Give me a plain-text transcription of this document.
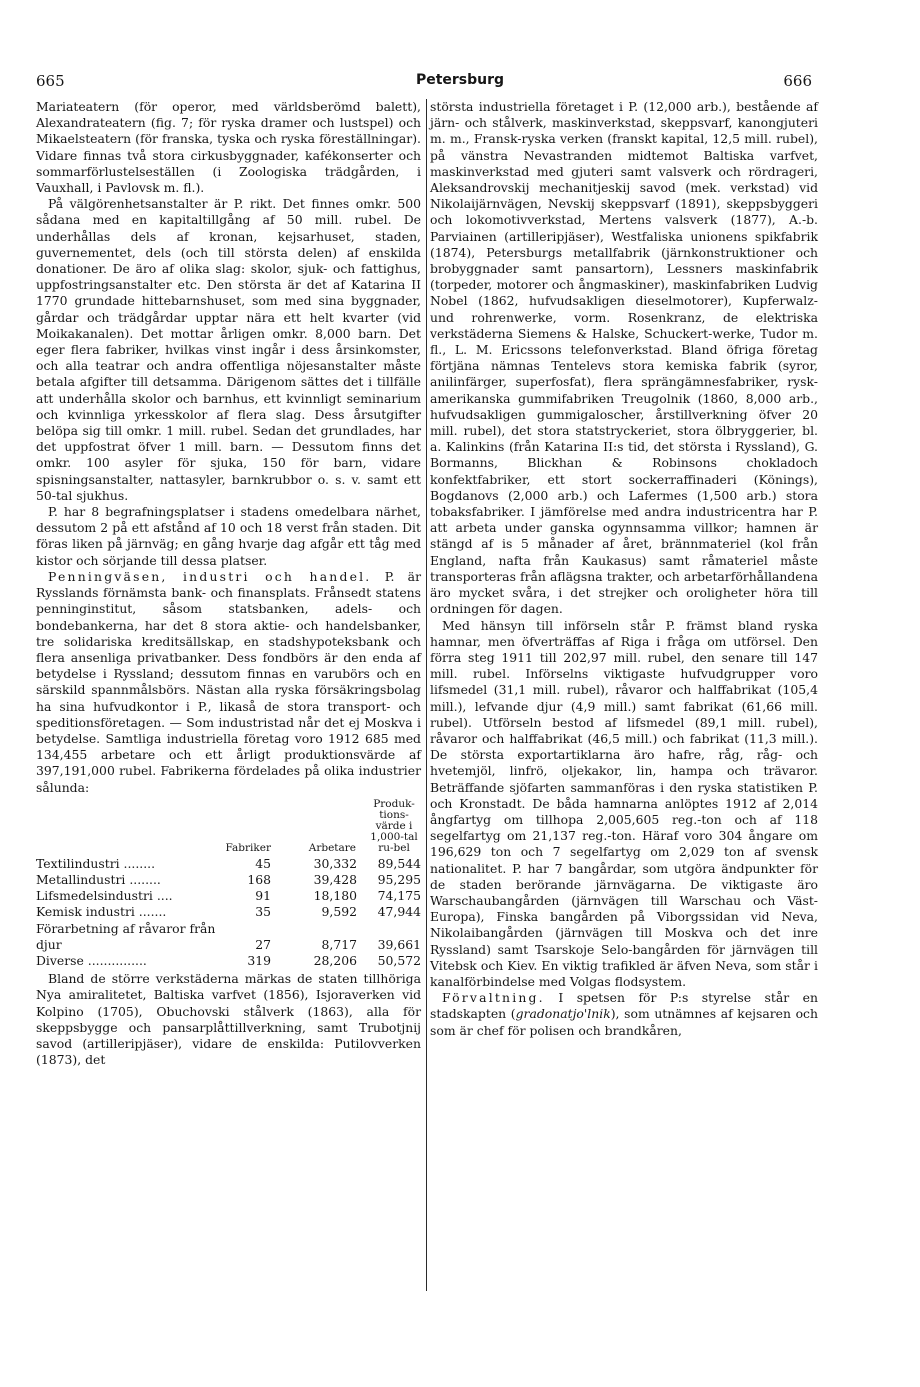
665	Petersburg	666

Mariateatern (för operor, med världsberömd balett), Alexandrateatern (fig. 7; för ryska dramer och lustspel) och Mikaelsteatern (för franska, tyska och ryska föreställningar). Vidare finnas två stora cirkusbyggnader, kafékonserter och sommarförlustelseställen (i Zoologiska trädgården, i Vauxhall, i Pavlovsk m. fl.).

På välgörenhetsanstalter är P. rikt. Det finnes omkr. 500 sådana med en kapitaltillgång af 50 mill. rubel. De underhållas dels af kronan, kejsarhuset, staden, guvernementet, dels (och till största delen) af enskilda donationer. De äro af olika slag: skolor, sjuk- och fattighus, uppfostringsanstalter etc. Den största är det af Katarina II 1770 grundade hittebarnshuset, som med sina byggnader, gårdar och trädgårdar upptar nära ett helt kvarter (vid Moikakanalen). Det mottar årligen omkr. 8,000 barn. Det eger flera fabriker, hvilkas vinst ingår i dess årsinkomster, och alla teatrar och andra offentliga nöjesanstalter måste betala afgifter till detsamma. Därigenom sättes det i tillfälle att underhålla skolor och barnhus, ett kvinnligt seminarium och kvinnliga yrkesskolor af flera slag. Dess årsutgifter belöpa sig till omkr. 1 mill. rubel. Sedan det grundlades, har det uppfostrat öfver 1 mill. barn. — Dessutom finns det omkr. 100 asyler för sjuka, 150 för barn, vidare spisningsanstalter, nattasyler, barnkrubbor o. s. v. samt ett 50-tal sjukhus.

P. har 8 begrafningsplatser i stadens omedelbara närhet, dessutom 2 på ett afstånd af 10 och 18 verst från staden. Dit föras liken på järnväg; en gång hvarje dag afgår ett tåg med kistor och sörjande till dessa platser.

Penningväsen, industri och handel. P. är Rysslands förnämsta bank- och finansplats. Frånsedt statens penninginstitut, såsom statsbanken, adels- och bondebankerna, har det 8 stora aktie- och handelsbanker, tre solidariska kreditsällskap, en stadshypoteksbank och flera ansenliga privatbanker. Dess fondbörs är den enda af betydelse i Ryssland; dessutom finnas en varubörs och en särskild spannmålsbörs. Nästan alla ryska försäkringsbolag ha sina hufvudkontor i P., likaså de stora transport- och speditionsföretagen. — Som industristad når det ej Moskva i betydelse. Samtliga industriella företag voro 1912 685 med 134,455 arbetare och ett årligt produktionsvärde af 397,191,000 rubel. Fabrikerna fördelades på olika industrier sålunda:

	Fabriker	Arbetare	Produk-tions-värde i 1,000-tal ru-bel
Textilindustri ........	45	30,332	89,544
Metallindustri ........	168	39,428	95,295
Lifsmedelsindustri ....	91	18,180	74,175
Kemisk industri .......	35	9,592	47,944
Förarbetning af råvaror från djur	27	8,717	39,661
Diverse ...............	319	28,206	50,572

Bland de större verkstäderna märkas de staten tillhöriga Nya amiralitetet, Baltiska varfvet (1856), Isjoraverken vid Kolpino (1705), Obuchovski stålverk (1863), alla för skeppsbygge och pansarplåttillverkning, samt Trubotjnij savod (artilleripjäser), vidare de enskilda: Putilovverken (1873), det

största industriella företaget i P. (12,000 arb.), bestående af järn- och stålverk, maskinverkstad, skeppsvarf, kanongjuteri m. m., Fransk-ryska verken (franskt kapital, 12,5 mill. rubel), på vänstra Nevastranden midtemot Baltiska varfvet, maskinverkstad med gjuteri samt valsverk och rördrageri, Aleksandrovskij mechanitjeskij savod (mek. verkstad) vid Nikolaijärnvägen, Nevskij skeppsvarf (1891), skeppsbyggeri och lokomotivverkstad, Mertens valsverk (1877), A.-b. Parviainen (artilleripjäser), Westfaliska unionens spikfabrik (1874), Petersburgs metallfabrik (järnkonstruktioner och brobyggnader samt pansartorn), Lessners maskinfabrik (torpeder, motorer och ångmaskiner), maskinfabriken Ludvig Nobel (1862, hufvudsakligen dieselmotorer), Kupferwalz- und rohrenwerke, vorm. Rosenkranz, de elektriska verkstäderna Siemens & Halske, Schuckert-werke, Tudor m. fl., L. M. Ericssons telefonverkstad. Bland öfriga företag förtjäna nämnas Tentelevs stora kemiska fabrik (syror, anilinfärger, superfosfat), flera sprängämnesfabriker, rysk-amerikanska gummifabriken Treugolnik (1860, 8,000 arb., hufvudsakligen gummigaloscher, årstillverkning öfver 20 mill. rubel), det stora statstryckeriet, stora ölbryggerier, bl. a. Kalinkins (från Katarina II:s tid, det största i Ryssland), G. Bormanns, Blickhan & Robinsons chokladoch konfektfabriker, ett stort sockerraffinaderi (Könings), Bogdanovs (2,000 arb.) och Lafermes (1,500 arb.) stora tobaksfabriker. I jämförelse med andra industricentra har P. att arbeta under ganska ogynnsamma villkor; hamnen är stängd af is 5 månader af året, brännmateriel (kol från England, nafta från Kaukasus) samt råmateriel måste transporteras från aflägsna trakter, och arbetarförhållandena äro mycket svåra, i det strejker och oroligheter höra till ordningen för dagen.

Med hänsyn till införseln står P. främst bland ryska hamnar, men öfverträffas af Riga i fråga om utförsel. Den förra steg 1911 till 202,97 mill. rubel, den senare till 147 mill. rubel. Införselns viktigaste hufvudgrupper voro lifsmedel (31,1 mill. rubel), råvaror och halffabrikat (105,4 mill.), lefvande djur (4,9 mill.) samt fabrikat (61,66 mill. rubel). Utförseln bestod af lifsmedel (89,1 mill. rubel), råvaror och halffabrikat (46,5 mill.) och fabrikat (11,3 mill.). De största exportartiklarna äro hafre, råg, råg- och hvetemjöl, linfrö, oljekakor, lin, hampa och trävaror. Beträffande sjöfarten sammanföras i den ryska statistiken P. och Kronstadt. De båda hamnarna anlöptes 1912 af 2,014 ångfartyg om tillhopa 2,005,605 reg.-ton och af 118 segelfartyg om 21,137 reg.-ton. Häraf voro 304 ångare om 196,629 ton och 7 segelfartyg om 2,029 ton af svensk nationalitet. P. har 7 bangårdar, som utgöra ändpunkter för de staden berörande järnvägarna. De viktigaste äro Warschaubangården (järnvägen till Warschau och Väst-Europa), Finska bangården på Viborgssidan vid Neva, Nikolaibangården (järnvägen till Moskva och det inre Ryssland) samt Tsarskoje Selo-bangården för järnvägen till Vitebsk och Kiev. En viktig trafikled är äfven Neva, som står i kanalförbindelse med Volgas flodsystem.

Förvaltning. I spetsen för P:s styrelse står en stadskapten (gradonatjo'lnik), som utnämnes af kejsaren och som är chef för polisen och brandkåren,
